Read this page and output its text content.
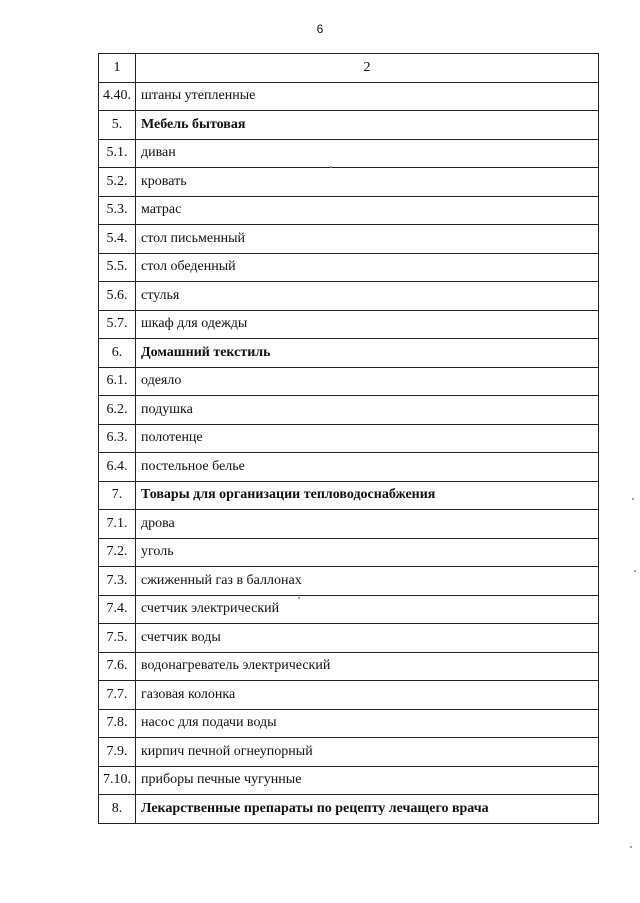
6
1	2
4.40.	штаны утепленные
5.	Мебель бытовая
5.1.	диван
5.2.	кровать
5.3.	матрас
5.4.	стол письменный
5.5.	стол обеденный
5.6.	стулья
5.7.	шкаф для одежды
6.	Домашний текстиль
6.1.	одеяло
6.2.	подушка
6.3.	полотенце
6.4.	постельное белье
7.	Товары для организации тепловодоснабжения
7.1.	дрова
7.2.	уголь
7.3.	сжиженный газ в баллонах
7.4.	счетчик электрический
7.5.	счетчик воды
7.6.	водонагреватель электрический
7.7.	газовая колонка
7.8.	насос для подачи воды
7.9.	кирпич печной огнеупорный
7.10.	приборы печные чугунные
8.	Лекарственные препараты по рецепту лечащего врача
